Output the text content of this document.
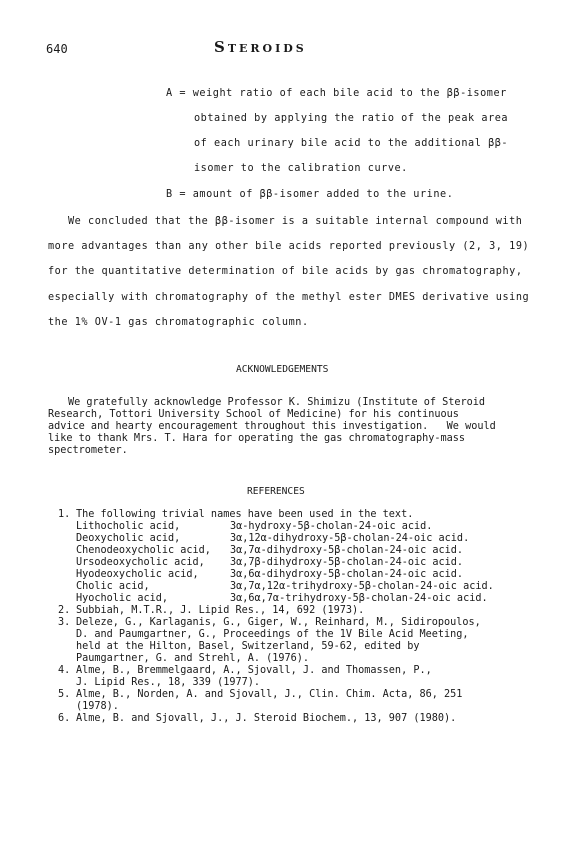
640	Steroids
A = weight ratio of each bile acid to the ββ-isomer
obtained by applying the ratio of the peak area
of each urinary bile acid to the additional ββ-
isomer to the calibration curve.
B = amount of ββ-isomer added to the urine.
We concluded that the ββ-isomer is a suitable internal compound with
more advantages than any other bile acids reported previously (2, 3, 19)
for the quantitative determination of bile acids by gas chromatography,
especially with chromatography of the methyl ester DMES derivative using
the 1% OV-1 gas chromatographic column.
ACKNOWLEDGEMENTS
We gratefully acknowledge Professor K. Shimizu (Institute of Steroid
Research, Tottori University School of Medicine) for his continuous
advice and hearty encouragement throughout this investigation.   We would
like to thank Mrs. T. Hara for operating the gas chromatography-mass
spectrometer.
REFERENCES
1. The following trivial names have been used in the text.
Lithocholic acid,	3α-hydroxy-5β-cholan-24-oic acid.
Deoxycholic acid,	3α,12α-dihydroxy-5β-cholan-24-oic acid.
Chenodeoxycholic acid, 3α,7α-dihydroxy-5β-cholan-24-oic acid.
Ursodeoxycholic acid, 3α,7β-dihydroxy-5β-cholan-24-oic acid.
Hyodeoxycholic acid,	3α,6α-dihydroxy-5β-cholan-24-oic acid.
Cholic acid,	3α,7α,12α-trihydroxy-5β-cholan-24-oic acid.
Hyocholic acid,	3α,6α,7α-trihydroxy-5β-cholan-24-oic acid.
2. Subbiah, M.T.R., J. Lipid Res., 14, 692 (1973).
3. Deleze, G., Karlaganis, G., Giger, W., Reinhard, M., Sidiropoulos,
D. and Paumgartner, G., Proceedings of the 1V Bile Acid Meeting,
held at the Hilton, Basel, Switzerland, 59-62, edited by
Paumgartner, G. and Strehl, A. (1976).
4. Alme, B., Bremmelgaard, A., Sjovall, J. and Thomassen, P.,
J. Lipid Res., 18, 339 (1977).
5. Alme, B., Norden, A. and Sjovall, J., Clin. Chim. Acta, 86, 251
(1978).
6. Alme, B. and Sjovall, J., J. Steroid Biochem., 13, 907 (1980).
